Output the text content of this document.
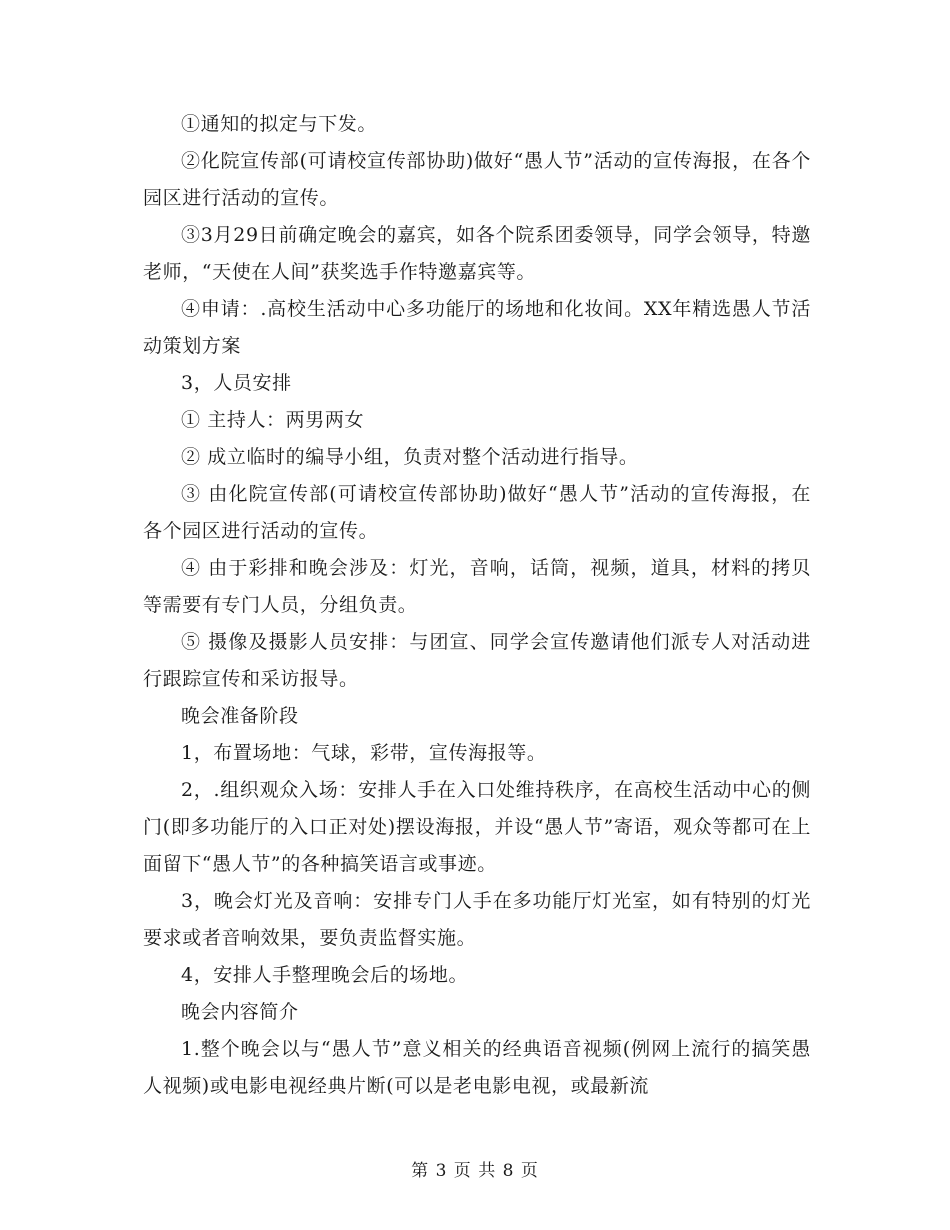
①通知的拟定与下发。

②化院宣传部(可请校宣传部协助)做好“愚人节”活动的宣传海报，在各个园区进行活动的宣传。

③3月29日前确定晚会的嘉宾，如各个院系团委领导，同学会领导，特邀老师，“天使在人间”获奖选手作特邀嘉宾等。

④申请：.高校生活动中心多功能厅的场地和化妆间。XX年精选愚人节活动策划方案

3，人员安排

① 主持人：两男两女

② 成立临时的编导小组，负责对整个活动进行指导。

③ 由化院宣传部(可请校宣传部协助)做好“愚人节”活动的宣传海报，在各个园区进行活动的宣传。

④ 由于彩排和晚会涉及：灯光，音响，话筒，视频，道具，材料的拷贝等需要有专门人员，分组负责。

⑤ 摄像及摄影人员安排：与团宣、同学会宣传邀请他们派专人对活动进行跟踪宣传和采访报导。

晚会准备阶段

1，布置场地：气球，彩带，宣传海报等。

2，.组织观众入场：安排人手在入口处维持秩序，在高校生活动中心的侧门(即多功能厅的入口正对处)摆设海报，并设“愚人节”寄语，观众等都可在上面留下“愚人节”的各种搞笑语言或事迹。

3，晚会灯光及音响：安排专门人手在多功能厅灯光室，如有特别的灯光要求或者音响效果，要负责监督实施。

4，安排人手整理晚会后的场地。

晚会内容简介

1.整个晚会以与“愚人节”意义相关的经典语音视频(例网上流行的搞笑愚人视频)或电影电视经典片断(可以是老电影电视，或最新流

第 3 页 共 8 页
